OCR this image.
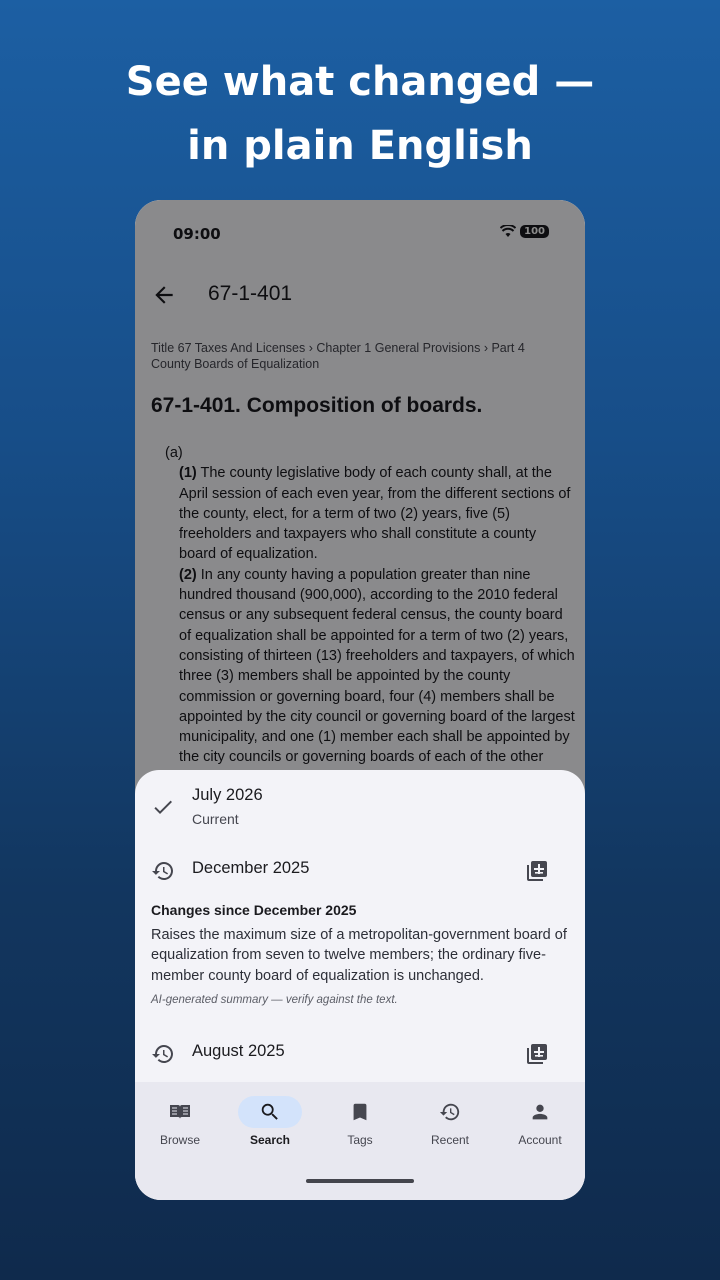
See what changed —
in plain English
09:00	100
67-1-401
Title 67 Taxes And Licenses › Chapter 1 General Provisions › Part 4 County Boards of Equalization
67-1-401. Composition of boards.
(a)
(1) The county legislative body of each county shall, at the April session of each even year, from the different sections of the county, elect, for a term of two (2) years, five (5) freeholders and taxpayers who shall constitute a county board of equalization.
(2) In any county having a population greater than nine hundred thousand (900,000), according to the 2010 federal census or any subsequent federal census, the county board of equalization shall be appointed for a term of two (2) years, consisting of thirteen (13) freeholders and taxpayers, of which three (3) members shall be appointed by the county commission or governing board, four (4) members shall be appointed by the city council or governing board of the largest municipality, and one (1) member each shall be appointed by the city councils or governing boards of each of the other
July 2026
Current
December 2025
Changes since December 2025
Raises the maximum size of a metropolitan-government board of equalization from seven to twelve members; the ordinary five-member county board of equalization is unchanged.
AI-generated summary — verify against the text.
August 2025
Browse	Search	Tags	Recent	Account
